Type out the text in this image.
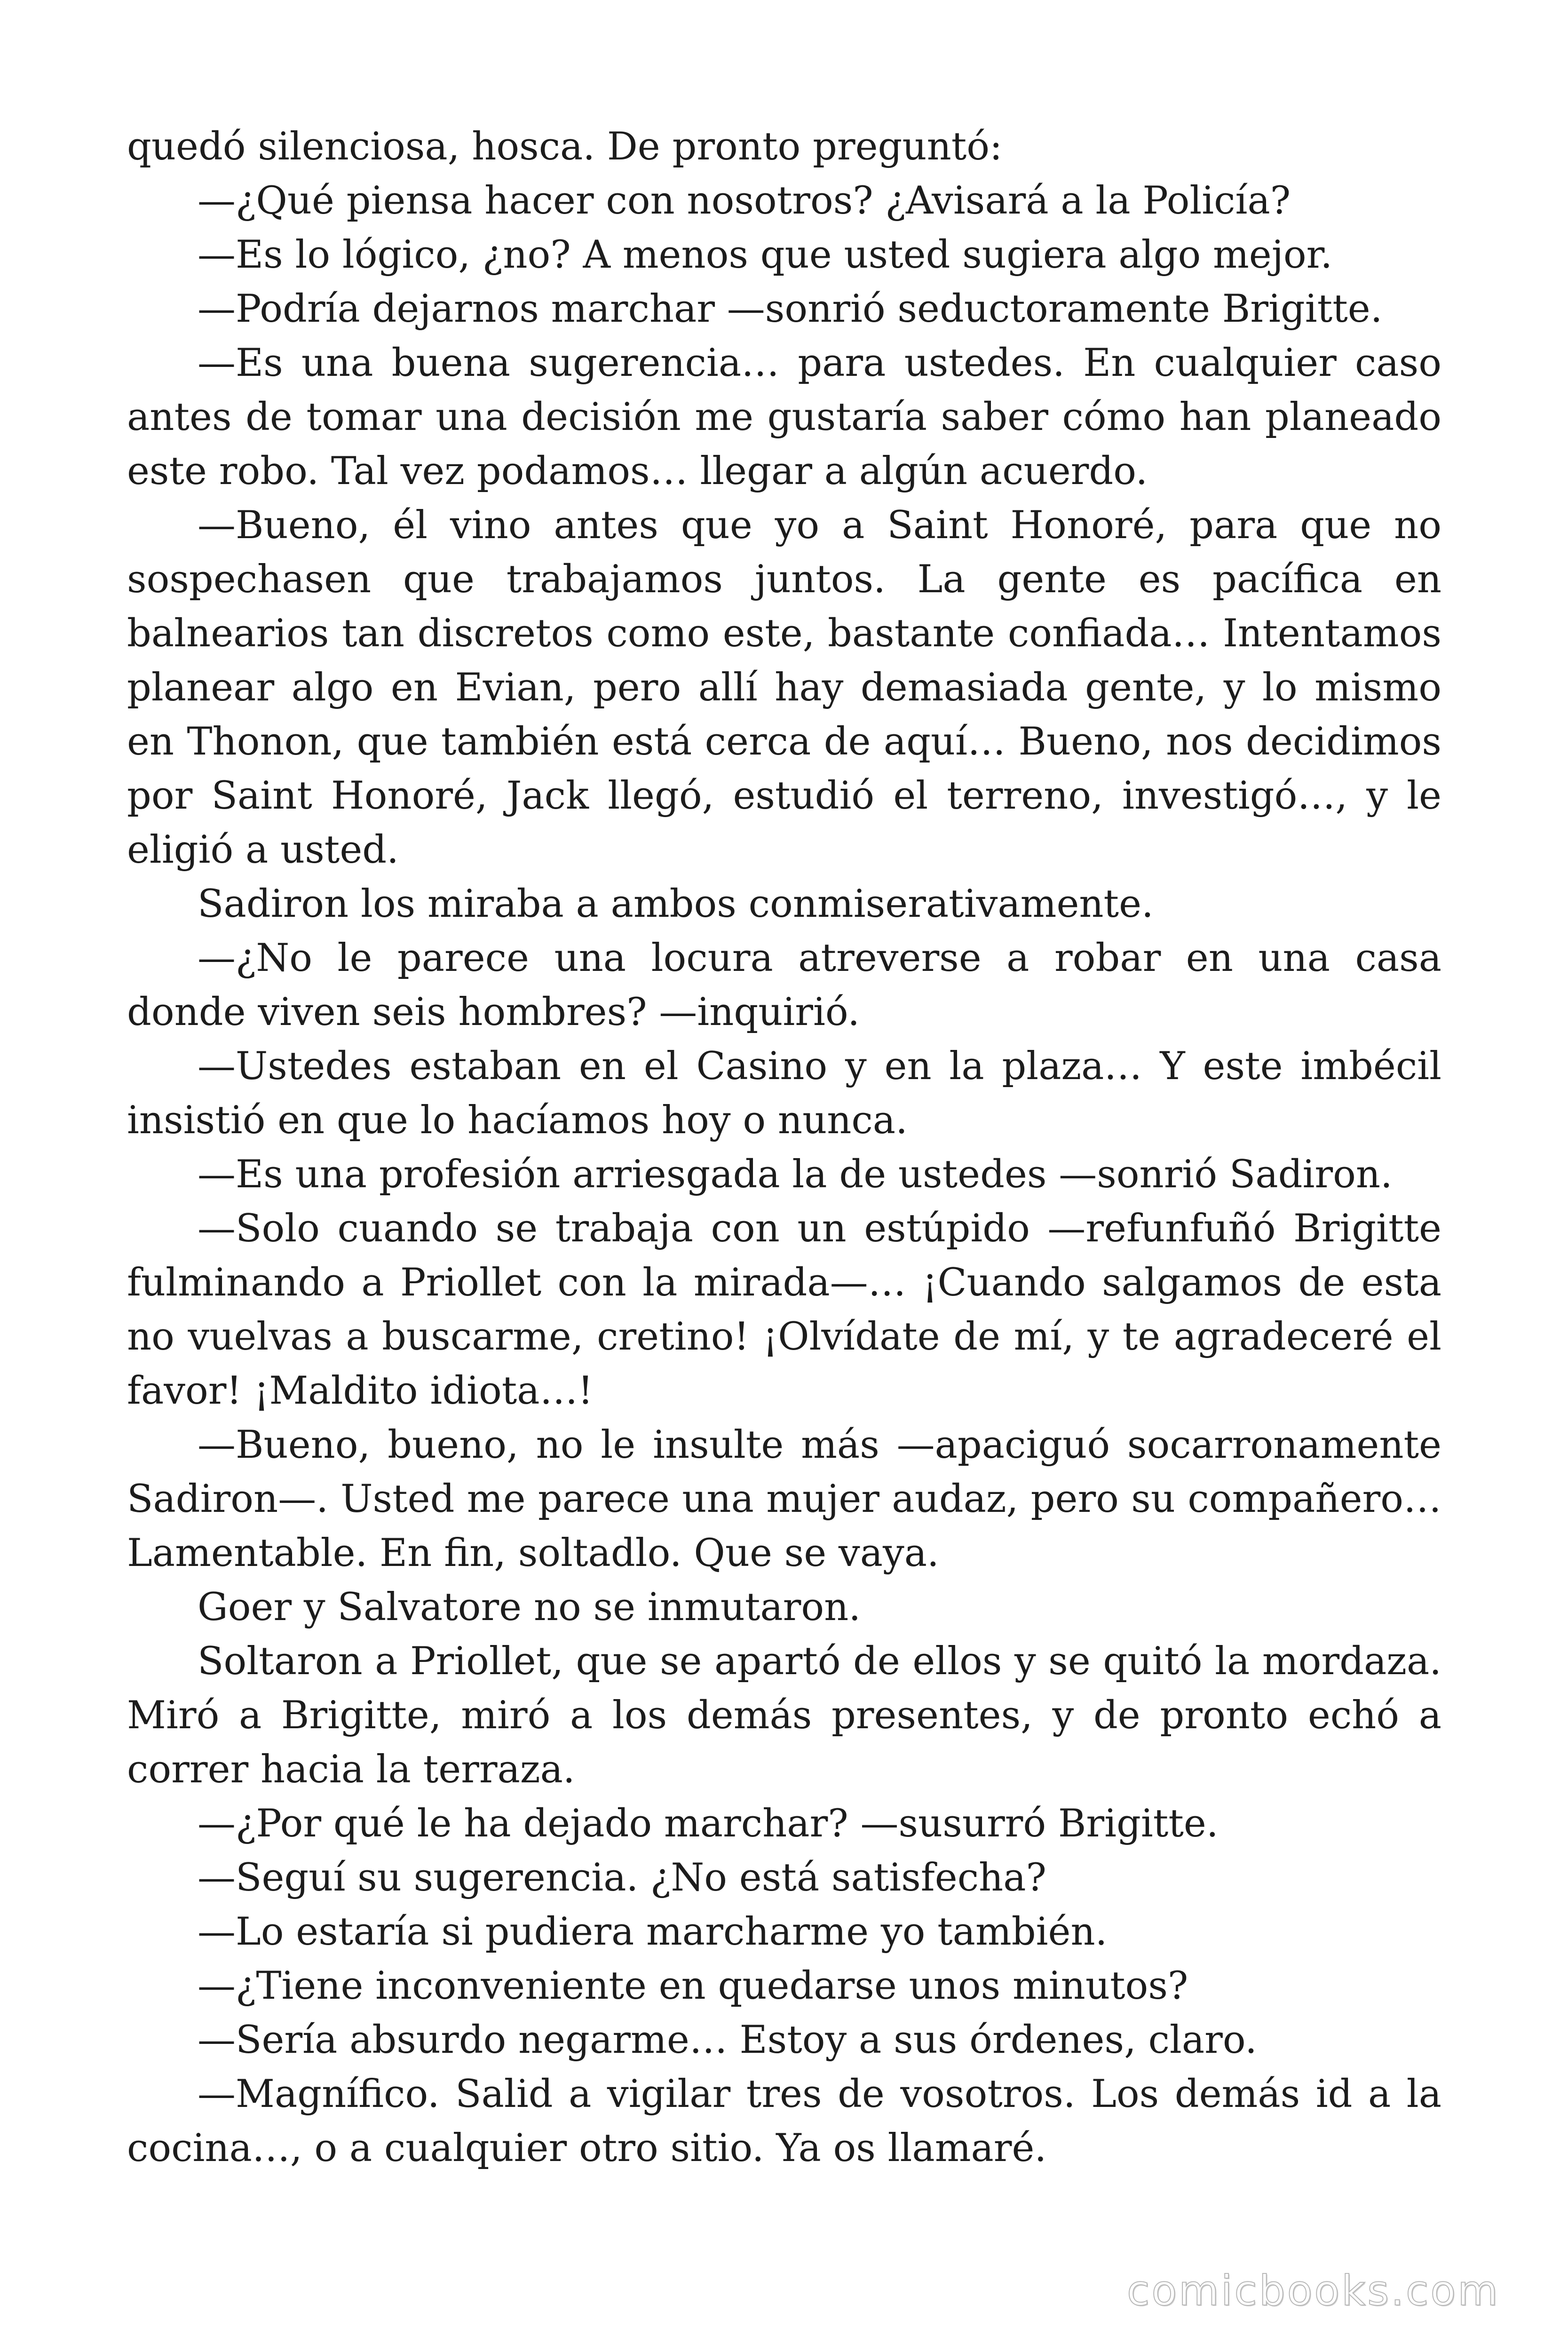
quedó silenciosa, hosca. De pronto preguntó:

—¿Qué piensa hacer con nosotros? ¿Avisará a la Policía?

—Es lo lógico, ¿no? A menos que usted sugiera algo mejor.

—Podría dejarnos marchar —sonrió seductoramente Brigitte.

—Es una buena sugerencia… para ustedes. En cualquier caso antes de tomar una decisión me gustaría saber cómo han planeado este robo. Tal vez podamos… llegar a algún acuerdo.

—Bueno, él vino antes que yo a Saint Honoré, para que no sospechasen que trabajamos juntos. La gente es pacífica en balnearios tan discretos como este, bastante confiada… Intentamos planear algo en Evian, pero allí hay demasiada gente, y lo mismo en Thonon, que también está cerca de aquí… Bueno, nos decidimos por Saint Honoré, Jack llegó, estudió el terreno, investigó…, y le eligió a usted.

Sadiron los miraba a ambos conmiserativamente.

—¿No le parece una locura atreverse a robar en una casa donde viven seis hombres? —inquirió.

—Ustedes estaban en el Casino y en la plaza… Y este imbécil insistió en que lo hacíamos hoy o nunca.

—Es una profesión arriesgada la de ustedes —sonrió Sadiron.

—Solo cuando se trabaja con un estúpido —refunfuñó Brigitte fulminando a Priollet con la mirada—… ¡Cuando salgamos de esta no vuelvas a buscarme, cretino! ¡Olvídate de mí, y te agradeceré el favor! ¡Maldito idiota…!

—Bueno, bueno, no le insulte más —apaciguó socarronamente Sadiron—. Usted me parece una mujer audaz, pero su compañero… Lamentable. En fin, soltadlo. Que se vaya.

Goer y Salvatore no se inmutaron.

Soltaron a Priollet, que se apartó de ellos y se quitó la mordaza. Miró a Brigitte, miró a los demás presentes, y de pronto echó a correr hacia la terraza.

—¿Por qué le ha dejado marchar? —susurró Brigitte.

—Seguí su sugerencia. ¿No está satisfecha?

—Lo estaría si pudiera marcharme yo también.

—¿Tiene inconveniente en quedarse unos minutos?

—Sería absurdo negarme… Estoy a sus órdenes, claro.

—Magnífico. Salid a vigilar tres de vosotros. Los demás id a la cocina…, o a cualquier otro sitio. Ya os llamaré.

comicbooks.com
